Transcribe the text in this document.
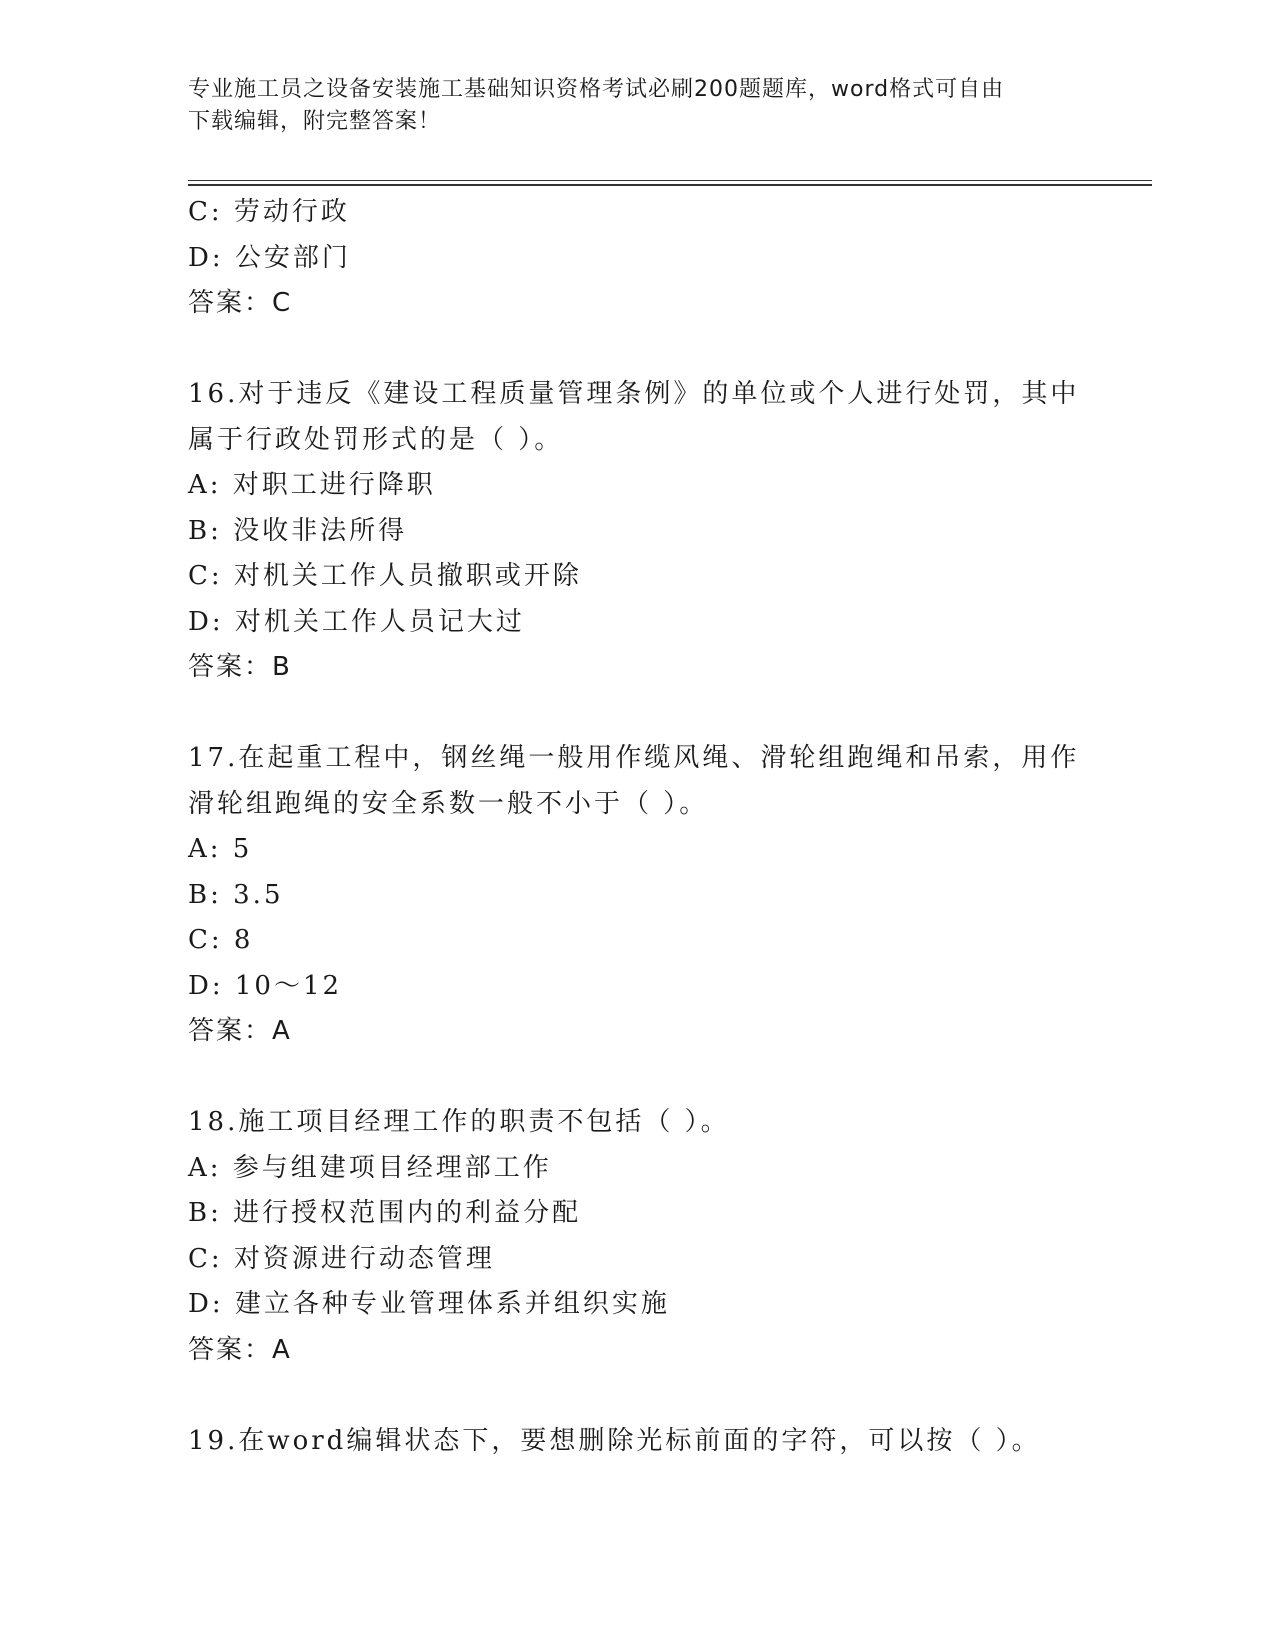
专业施工员之设备安装施工基础知识资格考试必刷200题题库，word格式可自由
下载编辑，附完整答案！
C: 劳动行政
D: 公安部门
答案：C
16.对于违反《建设工程质量管理条例》的单位或个人进行处罚，其中
属于行政处罚形式的是（ ）。
A: 对职工进行降职
B: 没收非法所得
C: 对机关工作人员撤职或开除
D: 对机关工作人员记大过
答案：B
17.在起重工程中，钢丝绳一般用作缆风绳、滑轮组跑绳和吊索，用作
滑轮组跑绳的安全系数一般不小于（ ）。
A: 5
B: 3.5
C: 8
D: 10～12
答案：A
18.施工项目经理工作的职责不包括（ ）。
A: 参与组建项目经理部工作
B: 进行授权范围内的利益分配
C: 对资源进行动态管理
D: 建立各种专业管理体系并组织实施
答案：A
19.在word编辑状态下，要想删除光标前面的字符，可以按（ ）。
